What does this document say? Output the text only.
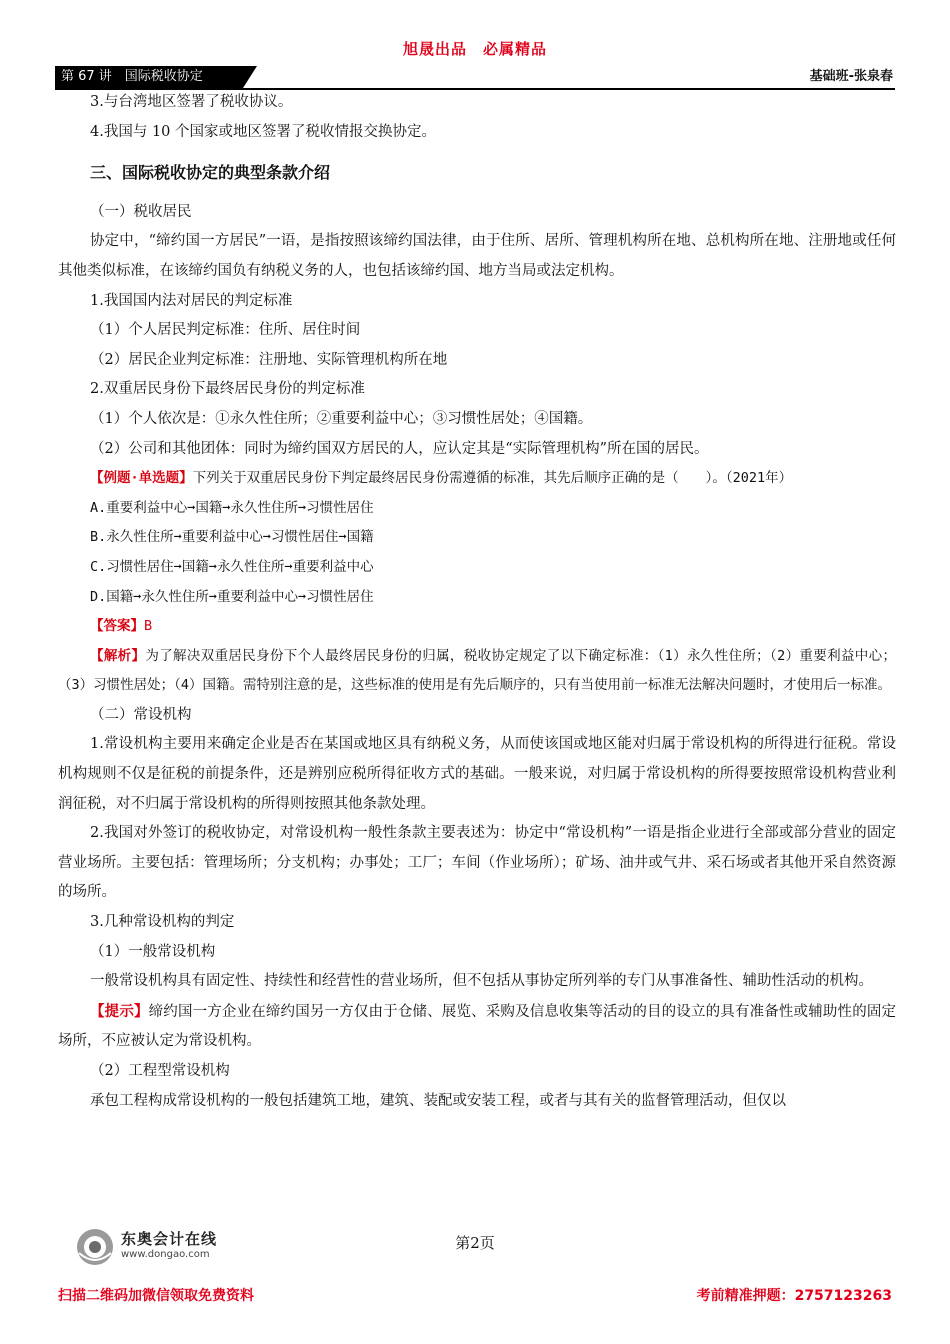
旭晟出品　必属精品
第 67 讲　国际税收协定	基础班-张泉春

3.与台湾地区签署了税收协议。

4.我国与 10 个国家或地区签署了税收情报交换协定。

三、国际税收协定的典型条款介绍

（一）税收居民

协定中，“缔约国一方居民”一语，是指按照该缔约国法律，由于住所、居所、管理机构所在地、总机构所在地、注册地或任何其他类似标准，在该缔约国负有纳税义务的人，也包括该缔约国、地方当局或法定机构。

1.我国国内法对居民的判定标准

（1）个人居民判定标准：住所、居住时间

（2）居民企业判定标准：注册地、实际管理机构所在地

2.双重居民身份下最终居民身份的判定标准

（1）个人依次是：①永久性住所；②重要利益中心；③习惯性居处；④国籍。

（2）公司和其他团体：同时为缔约国双方居民的人，应认定其是“实际管理机构”所在国的居民。

【例题·单选题】下列关于双重居民身份下判定最终居民身份需遵循的标准，其先后顺序正确的是（　　）。（2021年）

A.重要利益中心➞国籍➞永久性住所➞习惯性居住

B.永久性住所➞重要利益中心➞习惯性居住➞国籍

C.习惯性居住➞国籍➞永久性住所➞重要利益中心

D.国籍➞永久性住所➞重要利益中心➞习惯性居住

【答案】B

【解析】为了解决双重居民身份下个人最终居民身份的归属，税收协定规定了以下确定标准：（1）永久性住所；（2）重要利益中心；（3）习惯性居处；（4）国籍。需特别注意的是，这些标准的使用是有先后顺序的，只有当使用前一标准无法解决问题时，才使用后一标准。

（二）常设机构

1.常设机构主要用来确定企业是否在某国或地区具有纳税义务，从而使该国或地区能对归属于常设机构的所得进行征税。常设机构规则不仅是征税的前提条件，还是辨别应税所得征收方式的基础。一般来说，对归属于常设机构的所得要按照常设机构营业利润征税，对不归属于常设机构的所得则按照其他条款处理。

2.我国对外签订的税收协定，对常设机构一般性条款主要表述为：协定中“常设机构”一语是指企业进行全部或部分营业的固定营业场所。主要包括：管理场所；分支机构；办事处；工厂；车间（作业场所）；矿场、油井或气井、采石场或者其他开采自然资源的场所。

3.几种常设机构的判定

（1）一般常设机构

一般常设机构具有固定性、持续性和经营性的营业场所，但不包括从事协定所列举的专门从事准备性、辅助性活动的机构。

【提示】缔约国一方企业在缔约国另一方仅由于仓储、展览、采购及信息收集等活动的目的设立的具有准备性或辅助性的固定场所，不应被认定为常设机构。

（2）工程型常设机构

承包工程构成常设机构的一般包括建筑工地，建筑、装配或安装工程，或者与其有关的监督管理活动，但仅以

东奥会计在线
www.dongao.com
第2页
扫描二维码加微信领取免费资料	考前精准押题：2757123263
